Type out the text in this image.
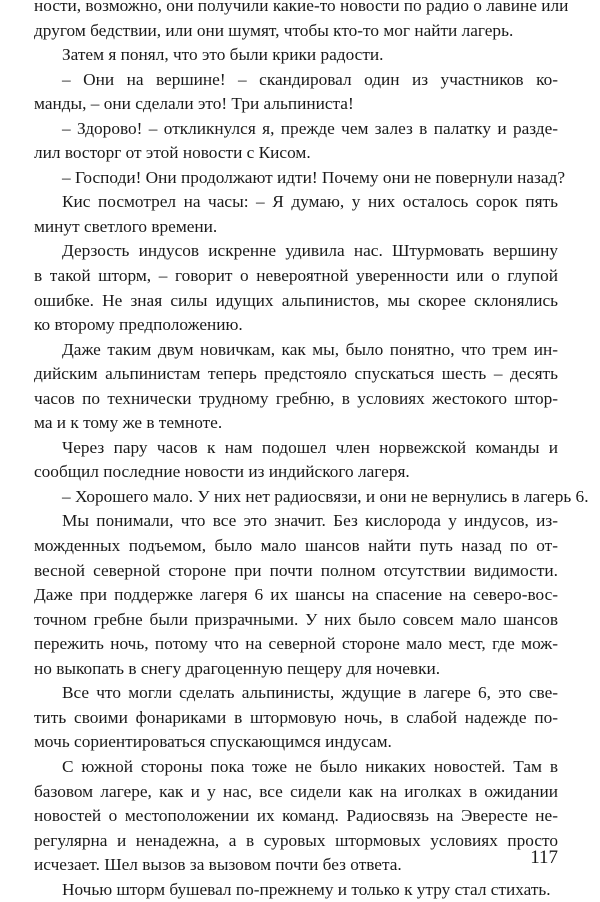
ности, возможно, они получили какие-то новости по радио о лавине или
другом бедствии, или они шумят, чтобы кто-то мог найти лагерь.
Затем я понял, что это были крики радости.
– Они на вершине! – скандировал один из участников ко-
манды, – они сделали это! Три альпиниста!
– Здорово! – откликнулся я, прежде чем залез в палатку и разде-
лил восторг от этой новости с Кисом.
– Господи! Они продолжают идти! Почему они не повернули назад?
Кис посмотрел на часы: – Я думаю, у них осталось сорок пять
минут светлого времени.
Дерзость индусов искренне удивила нас. Штурмовать вершину
в такой шторм, – говорит о невероятной уверенности или о глупой
ошибке. Не зная силы идущих альпинистов, мы скорее склонялись
ко второму предположению.
Даже таким двум новичкам, как мы, было понятно, что трем ин-
дийским альпинистам теперь предстояло спускаться шесть – десять
часов по технически трудному гребню, в условиях жестокого штор-
ма и к тому же в темноте.
Через пару часов к нам подошел член норвежской команды и
сообщил последние новости из индийского лагеря.
– Хорошего мало. У них нет радиосвязи, и они не вернулись в лагерь 6.
Мы понимали, что все это значит. Без кислорода у индусов, из-
можденных подъемом, было мало шансов найти путь назад по от-
весной северной стороне при почти полном отсутствии видимости.
Даже при поддержке лагеря 6 их шансы на спасение на северо-вос-
точном гребне были призрачными. У них было совсем мало шансов
пережить ночь, потому что на северной стороне мало мест, где мож-
но выкопать в снегу драгоценную пещеру для ночевки.
Все что могли сделать альпинисты, ждущие в лагере 6, это све-
тить своими фонариками в штормовую ночь, в слабой надежде по-
мочь сориентироваться спускающимся индусам.
С южной стороны пока тоже не было никаких новостей. Там в
базовом лагере, как и у нас, все сидели как на иголках в ожидании
новостей о местоположении их команд. Радиосвязь на Эвересте не-
регулярна и ненадежна, а в суровых штормовых условиях просто
исчезает. Шел вызов за вызовом почти без ответа.
Ночью шторм бушевал по-прежнему и только к утру стал стихать.
117
